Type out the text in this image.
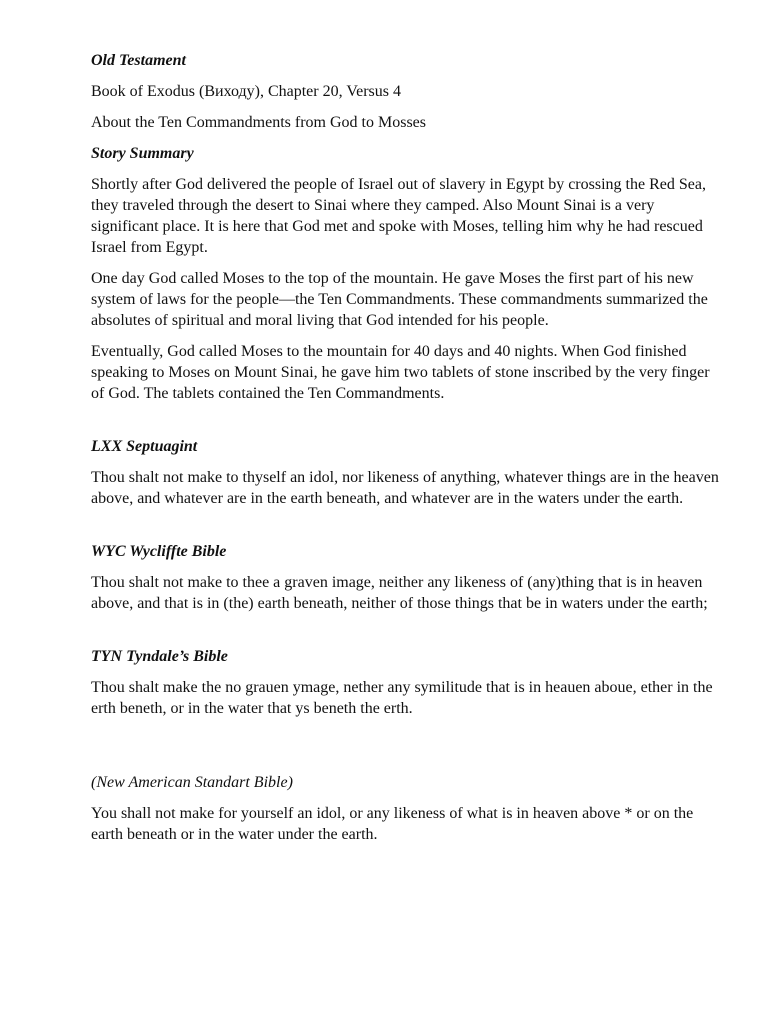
Old Testament
Book of Exodus (Виходу), Chapter 20, Versus 4
About the Ten Commandments from God to Mosses
Story Summary

Shortly after God delivered the people of Israel out of slavery in Egypt by crossing the Red Sea, they traveled through the desert to Sinai where they camped. Also Mount Sinai is a very significant place. It is here that God met and spoke with Moses, telling him why he had rescued Israel from Egypt.

One day God called Moses to the top of the mountain. He gave Moses the first part of his new system of laws for the people—the Ten Commandments. These commandments summarized the absolutes of spiritual and moral living that God intended for his people.

Eventually, God called Moses to the mountain for 40 days and 40 nights. When God finished speaking to Moses on Mount Sinai, he gave him two tablets of stone inscribed by the very finger of God. The tablets contained the Ten Commandments.

LXX Septuagint

Thou shalt not make to thyself an idol, nor likeness of anything, whatever things are in the heaven above, and whatever are in the earth beneath, and whatever are in the waters under the earth.

WYC Wycliffte Bible

Thou shalt not make to thee a graven image, neither any likeness of (any)thing that is in heaven above, and that is in (the) earth beneath, neither of those things that be in waters under the earth;

TYN Tyndale’s Bible

Thou shalt make the no grauen ymage, nether any symilitude that is in heauen aboue, ether in the erth beneth, or in the water that ys beneth the erth.

(New American Standart Bible)

You shall not make for yourself an idol, or any likeness of what is in heaven above * or on the earth beneath or in the water under the earth.
